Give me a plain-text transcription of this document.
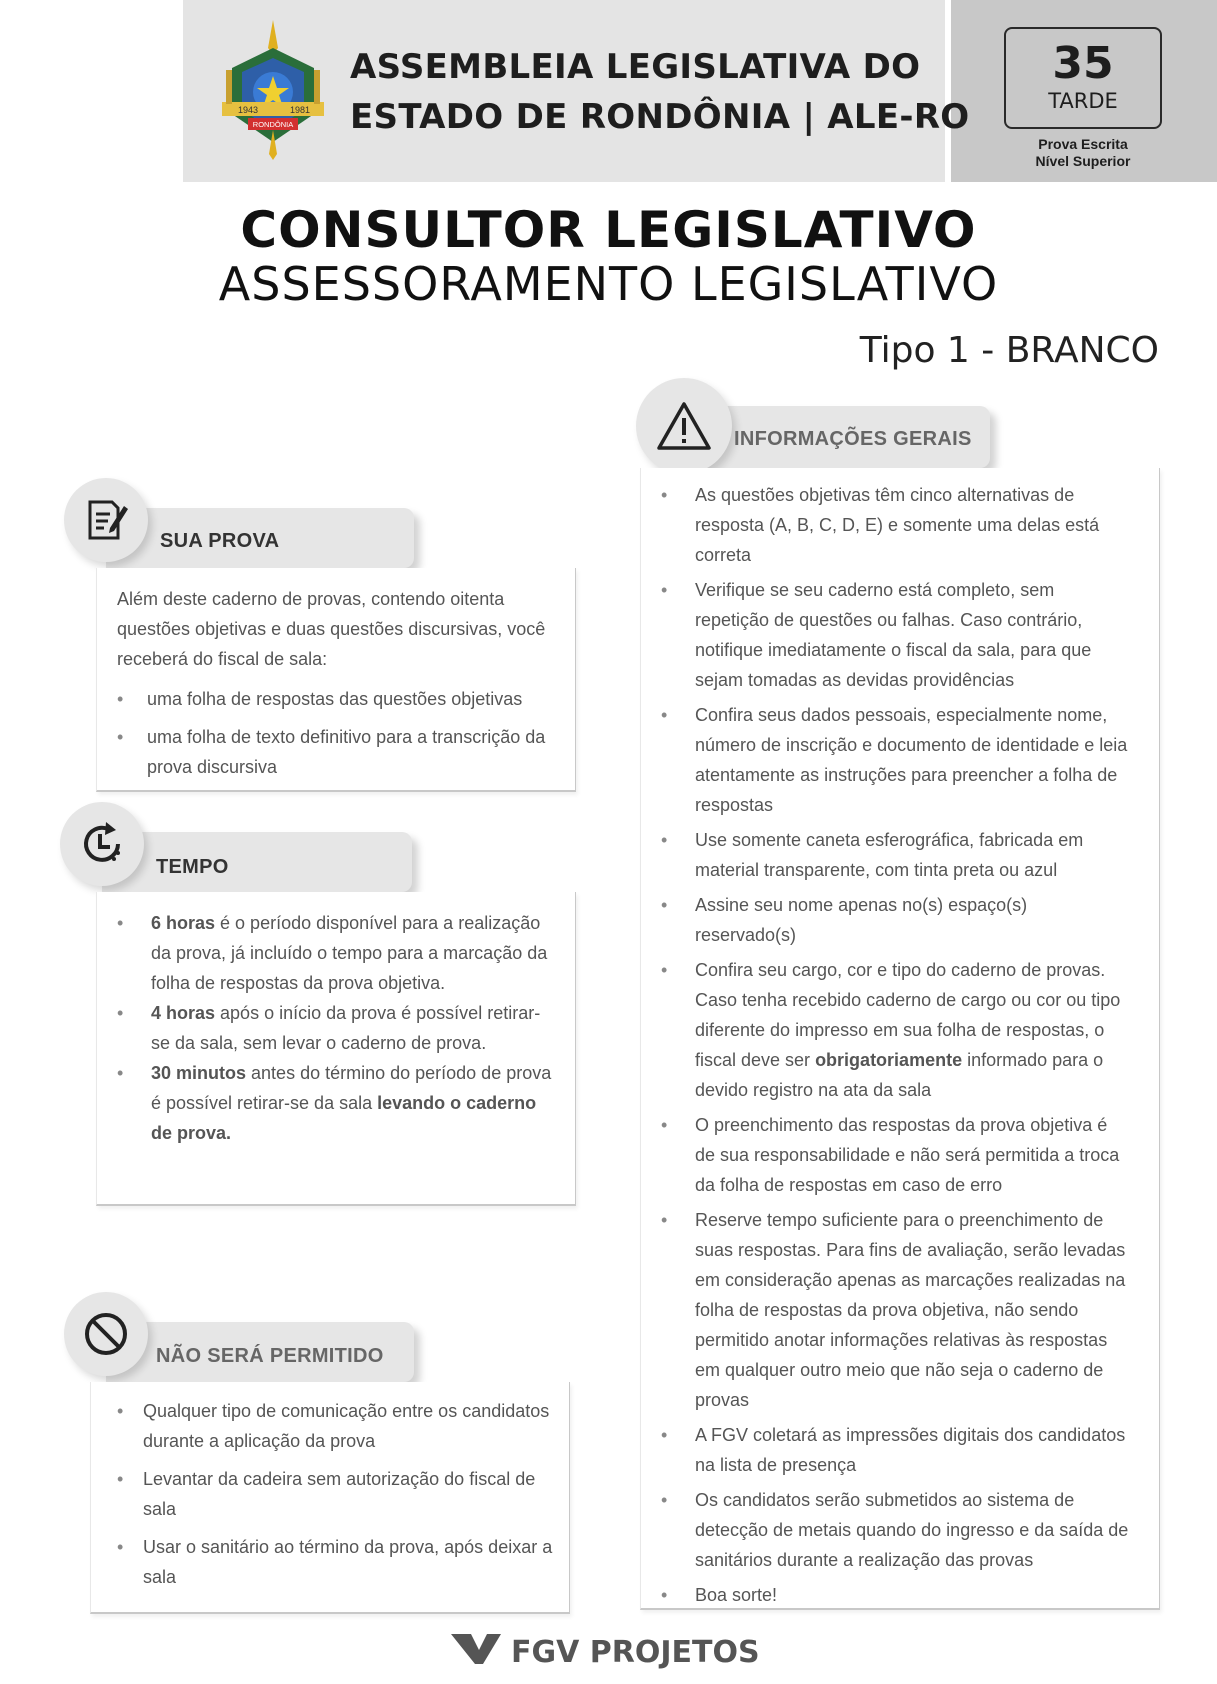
1943	1981
RONDÔNIA
ASSEMBLEIA LEGISLATIVA DO
ESTADO DE RONDÔNIA | ALE-RO
35
TARDE
Prova Escrita
Nível Superior
CONSULTOR LEGISLATIVO
ASSESSORAMENTO LEGISLATIVO
Tipo 1 - BRANCO
INFORMAÇÕES GERAIS
• As questões objetivas têm cinco alternativas de resposta (A, B, C, D, E) e somente uma delas está correta
• Verifique se seu caderno está completo, sem repetição de questões ou falhas. Caso contrário, notifique imediatamente o fiscal da sala, para que sejam tomadas as devidas providências
• Confira seus dados pessoais, especialmente nome, número de inscrição e documento de identidade e leia atentamente as instruções para preencher a folha de respostas
• Use somente caneta esferográfica, fabricada em material transparente, com tinta preta ou azul
• Assine seu nome apenas no(s) espaço(s) reservado(s)
• Confira seu cargo, cor e tipo do caderno de provas. Caso tenha recebido caderno de cargo ou cor ou tipo diferente do impresso em sua folha de respostas, o fiscal deve ser obrigatoriamente informado para o devido registro na ata da sala
• O preenchimento das respostas da prova objetiva é de sua responsabilidade e não será permitida a troca da folha de respostas em caso de erro
• Reserve tempo suficiente para o preenchimento de suas respostas. Para fins de avaliação, serão levadas em consideração apenas as marcações realizadas na folha de respostas da prova objetiva, não sendo permitido anotar informações relativas às respostas em qualquer outro meio que não seja o caderno de provas
• A FGV coletará as impressões digitais dos candidatos na lista de presença
• Os candidatos serão submetidos ao sistema de detecção de metais quando do ingresso e da saída de sanitários durante a realização das provas
• Boa sorte!
SUA PROVA
Além deste caderno de provas, contendo oitenta questões objetivas e duas questões discursivas, você receberá do fiscal de sala:
• uma folha de respostas das questões objetivas
• uma folha de texto definitivo para a transcrição da prova discursiva
TEMPO
• 6 horas é o período disponível para a realização da prova, já incluído o tempo para a marcação da folha de respostas da prova objetiva.
• 4 horas após o início da prova é possível retirar-se da sala, sem levar o caderno de prova.
• 30 minutos antes do término do período de prova é possível retirar-se da sala levando o caderno de prova.
NÃO SERÁ PERMITIDO
• Qualquer tipo de comunicação entre os candidatos durante a aplicação da prova
• Levantar da cadeira sem autorização do fiscal de sala
• Usar o sanitário ao término da prova, após deixar a sala
FGV PROJETOS
